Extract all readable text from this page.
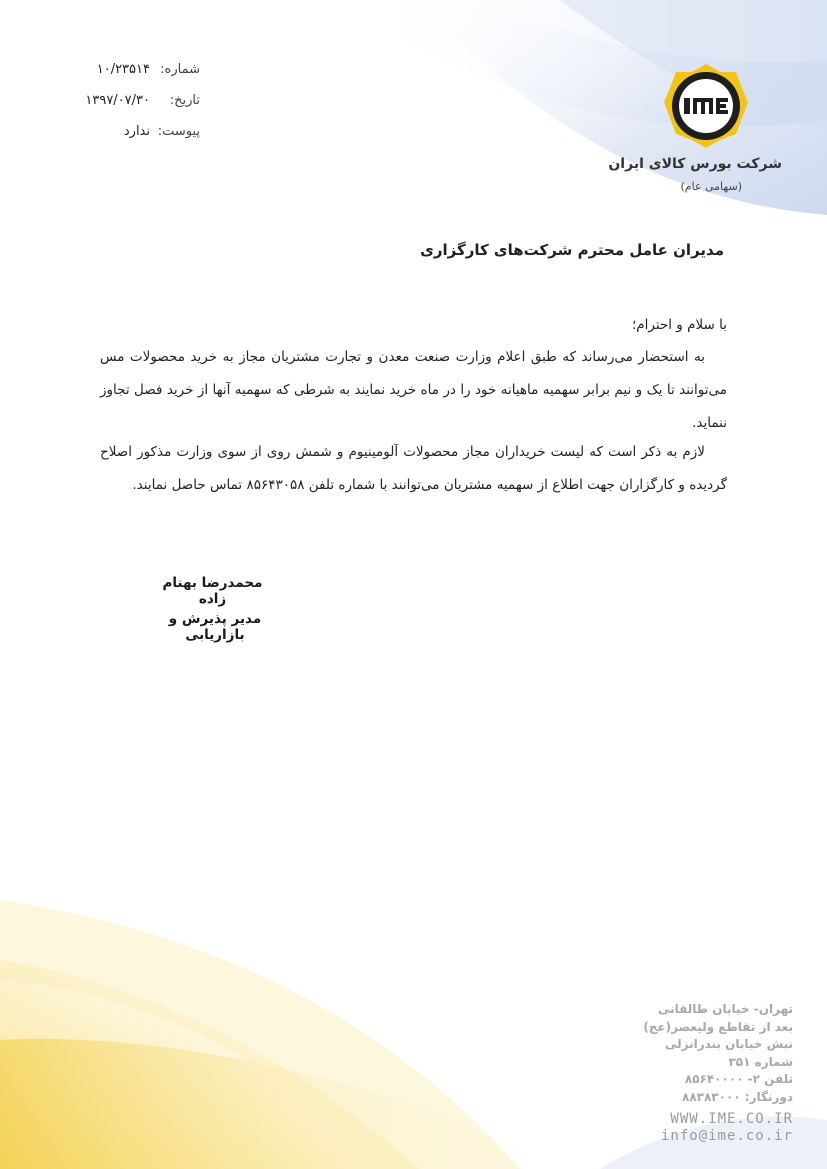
شماره:
۱۰/۲۳۵۱۴
تاریخ:
۱۳۹۷/۰۷/۳۰
پیوست:
ندارد
IME
شرکت بورس کالای ایران
(سهامی عام)
مدیران عامل محترم شرکت‌های کارگزاری
با سلام و احترام؛
به استحضار می‌رساند که طبق اعلام وزارت صنعت معدن و تجارت مشتریان مجاز به خرید محصولات مس می‌توانند تا یک و نیم برابر سهمیه ماهیانه خود را در ماه خرید نمایند به شرطی که سهمیه آنها از خرید فصل تجاوز ننماید.
لازم به ذکر است که لیست خریداران مجاز محصولات آلومینیوم و شمش روی از سوی وزارت مذکور اصلاح گردیده و کارگزاران جهت اطلاع از سهمیه مشتریان می‌توانند با شماره تلفن ۸۵۶۴۳۰۵۸ تماس حاصل نمایند.
محمدرضا بهنام زاده
مدیر پذیرش و بازاریابی
تهران- خیابان طالقانی
بعد از تقاطع ولیعصر(عج)
نبش خیابان بندرانزلی
شماره ۳۵۱
تلفن ۲- ۸۵۶۴۰۰۰۰
دورنگار: ۸۸۳۸۳۰۰۰
WWW.IME.CO.IR
info@ime.co.ir
